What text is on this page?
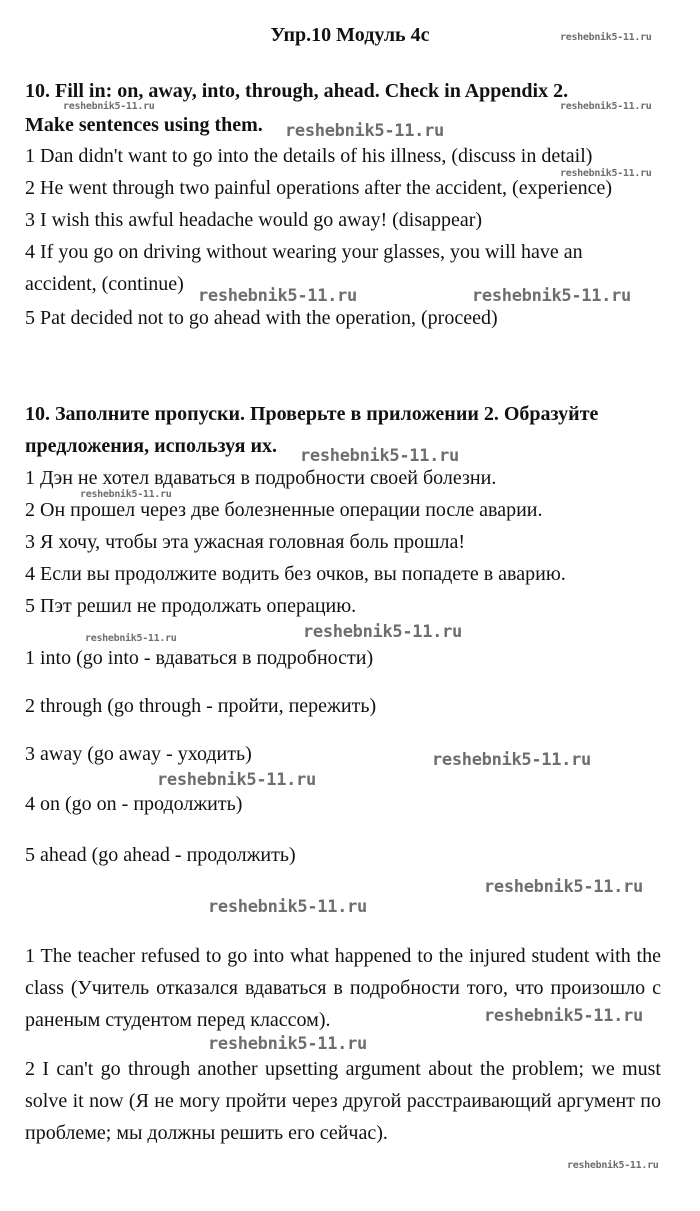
Упр.10 Модуль 4c
10. Fill in: on, away, into, through, ahead. Check in Appendix 2.
Make sentences using them.
1 Dan didn't want to go into the details of his illness, (discuss in detail)
2 He went through two painful operations after the accident, (experience)
3 I wish this awful headache would go away! (disappear)
4 If you go on driving without wearing your glasses, you will have an
accident, (continue)
5 Pat decided not to go ahead with the operation, (proceed)
10. Заполните пропуски. Проверьте в приложении 2. Образуйте
предложения, используя их.
1 Дэн не хотел вдаваться в подробности своей болезни.
2 Он прошел через две болезненные операции после аварии.
3 Я хочу, чтобы эта ужасная головная боль прошла!
4 Если вы продолжите водить без очков, вы попадете в аварию.
5 Пэт решил не продолжать операцию.
1 into (go into - вдаваться в подробности)
2 through (go through - пройти, пережить)
3 away (go away - уходить)
4 on (go on - продолжить)
5 ahead (go ahead - продолжить)
1 The teacher refused to go into what happened to the injured student with the class (Учитель отказался вдаваться в подробности того, что произошло с раненым студентом перед классом).
2 I can't go through another upsetting argument about the problem; we must solve it now (Я не могу пройти через другой расстраивающий аргумент по проблеме; мы должны решить его сейчас).
reshebnik5-11.ru
reshebnik5-11.ru	reshebnik5-11.ru
reshebnik5-11.ru
reshebnik5-11.ru
reshebnik5-11.ru	reshebnik5-11.ru
reshebnik5-11.ru
reshebnik5-11.ru
reshebnik5-11.ru	reshebnik5-11.ru
reshebnik5-11.ru
reshebnik5-11.ru
reshebnik5-11.ru
reshebnik5-11.ru
reshebnik5-11.ru
reshebnik5-11.ru
reshebnik5-11.ru
